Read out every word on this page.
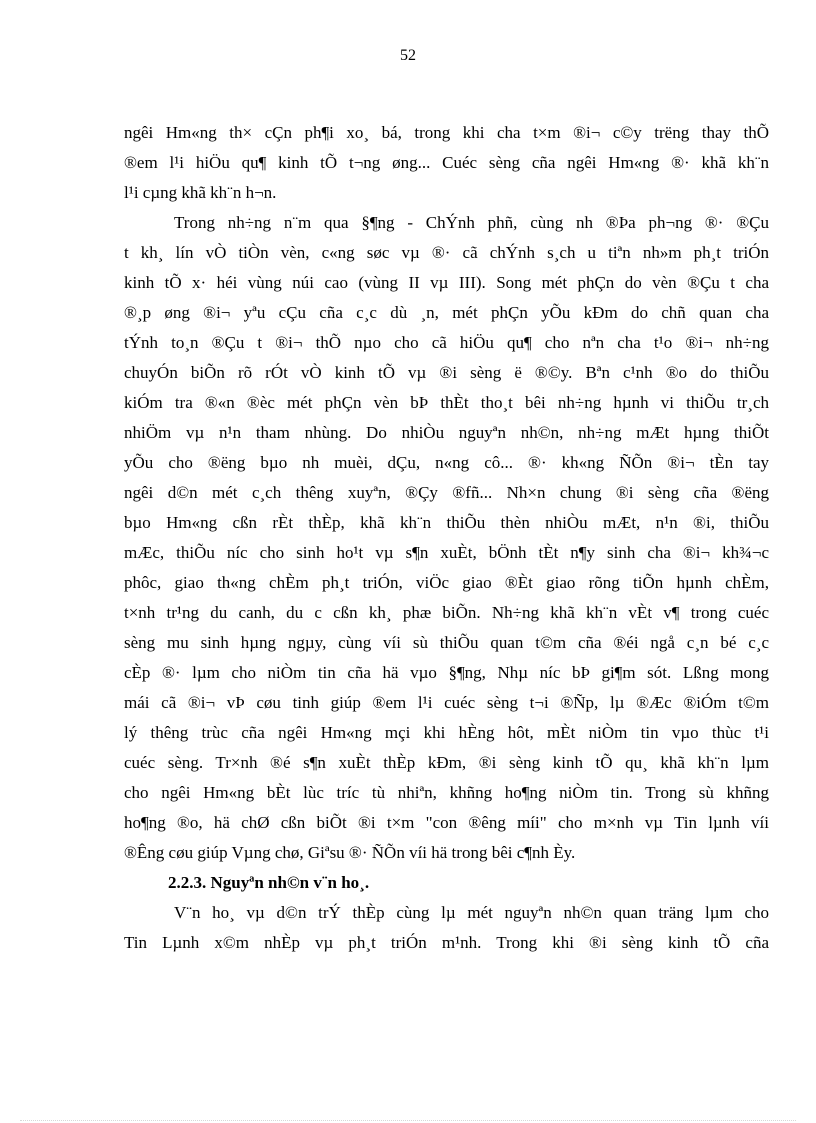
52
ngêi Hm«ng th× cÇn ph¶i xo¸ bá, trong khi cha t×m ®i¬ c©y trëng thay thÕ
®em l¹i hiÖu qu¶ kinh tÕ t¬ng øng... Cuéc sèng cña ngêi Hm«ng ®· khã kh¨n
l¹i cµng khã kh¨n h¬n.
Trong nh÷ng n¨m qua §¶ng - ChÝnh phñ, cùng nh ®Þa ph¬ng ®· ®Çu
t kh¸ lín vÒ tiÒn vèn, c«ng søc vµ ®· cã chÝnh s¸ch u tiªn nh»m ph¸t triÓn
kinh tÕ x· héi vùng núi cao (vùng II vµ III). Song mét phÇn do vèn ®Çu t cha
®¸p øng ®i¬ yªu cÇu cña c¸c dù ¸n, mét phÇn yÕu kÐm do chñ quan cha
tÝnh to¸n ®Çu t ®i¬ thÕ nµo cho cã hiÖu qu¶ cho nªn cha t¹o ®i¬ nh÷ng
chuyÓn biÕn rõ rÓt vÒ kinh tÕ vµ ®i sèng ë ®©y. Bªn c¹nh ®o do thiÕu
kiÓm tra ®«n ®èc mét phÇn vèn bÞ thÈt tho¸t bêi nh÷ng hµnh vi thiÕu tr¸ch
nhiÖm vµ n¹n tham nhùng. Do nhiÒu nguyªn nh©n, nh÷ng mÆt hµng thiÕt
yÕu cho ®ëng bµo nh muèi, dÇu, n«ng cô... ®· kh«ng ÑÕn ®i¬ tÈn tay
ngêi d©n mét c¸ch thêng xuyªn, ®Çy ®fñ... Nh×n chung ®i sèng cña ®ëng
bµo Hm«ng cßn rÈt thÈp, khã kh¨n thiÕu thèn nhiÒu mÆt, n¹n ®i, thiÕu
mÆc, thiÕu níc cho sinh ho¹t vµ s¶n xuÈt, bÖnh tÈt n¶y sinh cha ®i¬ kh¾¬c
phôc, giao th«ng chÈm ph¸t triÓn, viÖc giao ®Èt giao rõng tiÕn hµnh chÈm,
t×nh tr¹ng du canh, du c cßn kh¸ phæ biÕn. Nh÷ng khã kh¨n vÈt v¶ trong cuéc
sèng mu sinh hµng ngµy, cùng víi sù thiÕu quan t©m cña ®éi ngå c¸n bé c¸c
cÈp ®· lµm cho niÒm tin cña hä vµo §¶ng, Nhµ níc bÞ gi¶m sót. Lßng mong
mái cã ®i¬ vÞ cøu tinh giúp ®em l¹i cuéc sèng t¬i ®Ñp, lµ ®Æc ®iÓm t©m
lý thêng trùc cña ngêi Hm«ng mçi khi hÈng hôt, mÈt niÒm tin vµo thùc t¹i
cuéc sèng. Tr×nh ®é s¶n xuÈt thÈp kÐm, ®i sèng kinh tÕ qu¸ khã kh¨n lµm
cho ngêi Hm«ng bÈt lùc tríc tù nhiªn, khñng ho¶ng niÒm tin. Trong sù khñng
ho¶ng ®o, hä chØ cßn biÕt ®i t×m "con ®êng míi" cho m×nh vµ Tin lµnh víi
®Êng cøu giúp Vµng chø, Giªsu ®· ÑÕn víi hä trong bêi c¶nh Èy.
2.2.3. Nguyªn nh©n v¨n ho¸.
V¨n ho¸ vµ d©n trÝ thÈp cùng lµ mét nguyªn nh©n quan träng lµm cho
Tin Lµnh x©m nhÈp vµ ph¸t triÓn m¹nh. Trong khi ®i sèng kinh tÕ cña
